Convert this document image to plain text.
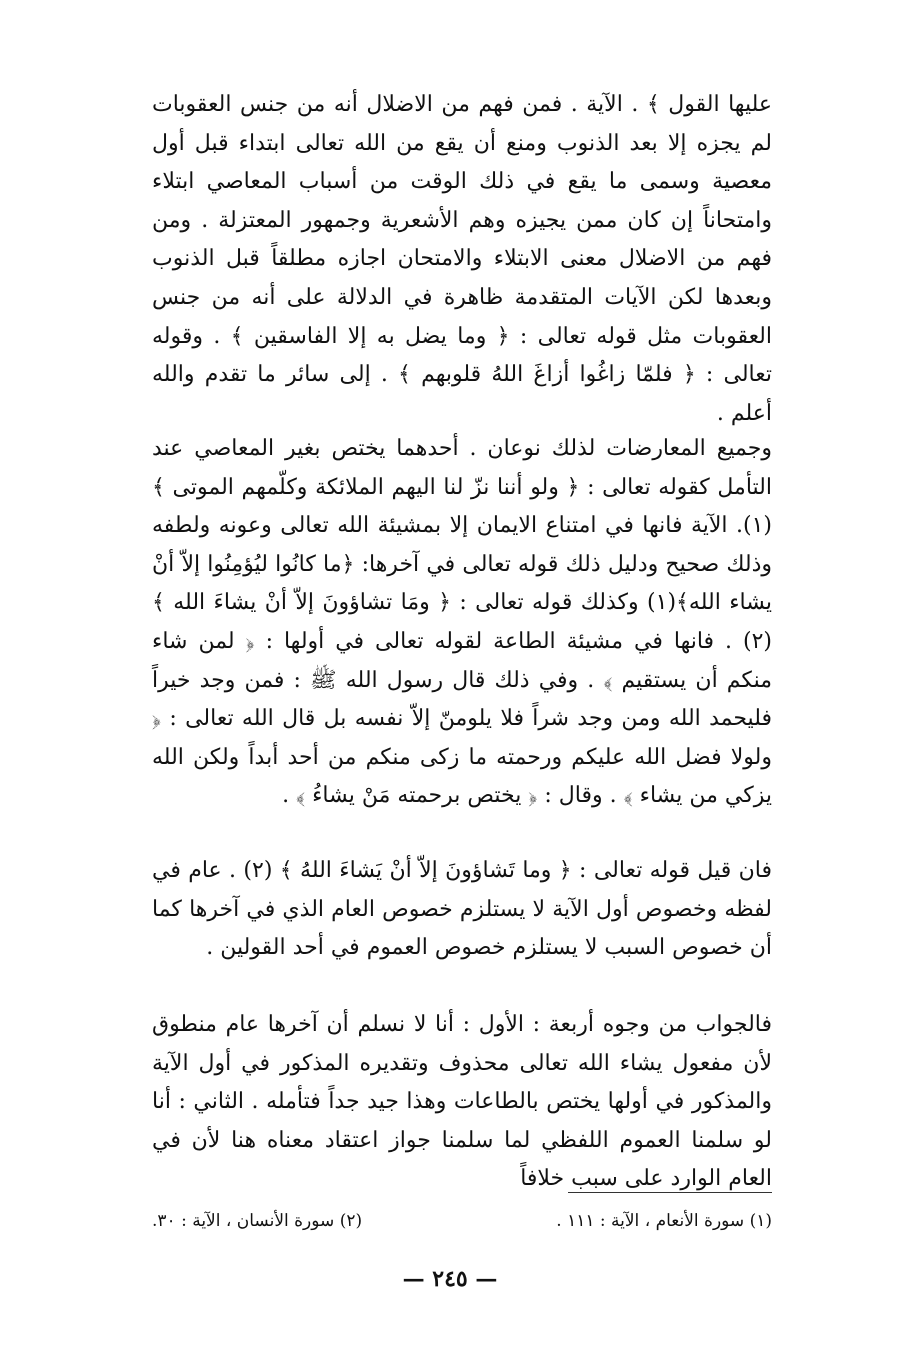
عليها القول ﴾ . الآية . فمن فهم من الاضلال أنه من جنس العقوبات لم يجزه إلا بعد الذنوب ومنع أن يقع من الله تعالى ابتداء قبل أول معصية وسمى ما يقع في ذلك الوقت من أسباب المعاصي ابتلاء وامتحاناً إن كان ممن يجيزه وهم الأشعرية وجمهور المعتزلة . ومن فهم من الاضلال معنى الابتلاء والامتحان اجازه مطلقاً قبل الذنوب وبعدها لكن الآيات المتقدمة ظاهرة في الدلالة على أنه من جنس العقوبات مثل قوله تعالى : ﴿ وما يضل به إلا الفاسقين ﴾ . وقوله تعالى : ﴿ فلمّا زاغُوا أزاغَ اللهُ قلوبهم ﴾ . إلى سائر ما تقدم والله أعلم .

وجميع المعارضات لذلك نوعان . أحدهما يختص بغير المعاصي عند التأمل كقوله تعالى : ﴿ ولو أننا نزّ لنا اليهم الملائكة وكلّمهم الموتى ﴾ (١). الآية فانها في امتناع الايمان إلا بمشيئة الله تعالى وعونه ولطفه وذلك صحيح ودليل ذلك قوله تعالى في آخرها: ﴿ما كانُوا ليُؤمِنُوا إلاّ أنْ يشاء الله﴾(١) وكذلك قوله تعالى : ﴿ ومَا تشاؤونَ إلاّ أنْ يشاءَ الله ﴾ (٢) . فانها في مشيئة الطاعة لقوله تعالى في أولها : ﴿ لمن شاء منكم أن يستقيم ﴾ . وفي ذلك قال رسول الله ﷺ : فمن وجد خيراً فليحمد الله ومن وجد شراً فلا يلومنّ إلاّ نفسه بل قال الله تعالى : ﴿ ولولا فضل الله عليكم ورحمته ما زكى منكم من أحد أبداً ولكن الله يزكي من يشاء ﴾ . وقال : ﴿ يختص برحمته مَنْ يشاءُ ﴾ .

فان قيل قوله تعالى : ﴿ وما تَشاؤونَ إلاّ أنْ يَشاءَ اللهُ ﴾ (٢) . عام في لفظه وخصوص أول الآية لا يستلزم خصوص العام الذي في آخرها كما أن خصوص السبب لا يستلزم خصوص العموم في أحد القولين .

فالجواب من وجوه أربعة : الأول : أنا لا نسلم أن آخرها عام منطوق لأن مفعول يشاء الله تعالى محذوف وتقديره المذكور في أول الآية والمذكور في أولها يختص بالطاعات وهذا جيد جداً فتأمله . الثاني : أنا لو سلمنا العموم اللفظي لما سلمنا جواز اعتقاد معناه هنا لأن في العام الوارد على سبب خلافاً

(١) سورة الأنعام ، الآية : ١١١ .
(٢) سورة الأنسان ، الآية : ٣٠.
— ٢٤٥ —
